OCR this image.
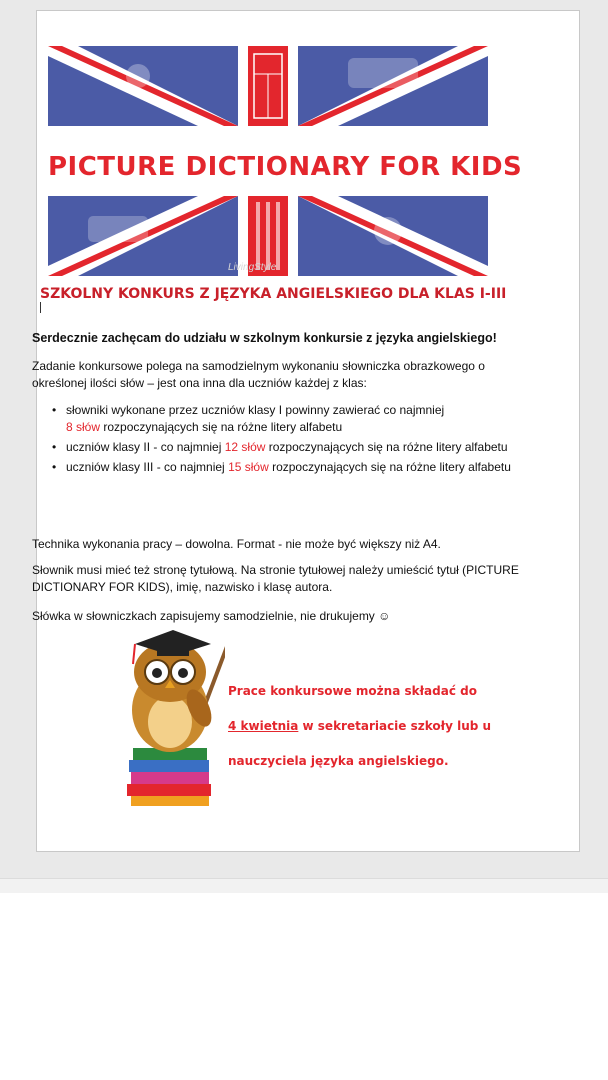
PICTURE DICTIONARY FOR KIDS
LivingStyle
SZKOLNY KONKURS Z JĘZYKA ANGIELSKIEGO DLA KLAS I-III
Serdecznie zachęcam do udziału w szkolnym konkursie z języka angielskiego!
Zadanie konkursowe polega na samodzielnym wykonaniu słowniczka obrazkowego o określonej ilości słów – jest ona inna dla uczniów każdej z klas:
• słowniki wykonane przez uczniów klasy I powinny zawierać co najmniej
8 słów rozpoczynających się na różne litery alfabetu
• uczniów klasy II - co najmniej 12 słów rozpoczynających się na różne litery alfabetu
• uczniów klasy III - co najmniej 15 słów rozpoczynających się na różne litery alfabetu
Technika wykonania pracy – dowolna. Format - nie może być większy niż A4.
Słownik musi mieć też stronę tytułową. Na stronie tytułowej należy umieścić tytuł (PICTURE DICTIONARY FOR KIDS), imię, nazwisko i klasę autora.
Słówka w słowniczkach zapisujemy samodzielnie, nie drukujemy ☺
Prace konkursowe można składać do
4 kwietnia w sekretariacie szkoły lub u
nauczyciela języka angielskiego.
